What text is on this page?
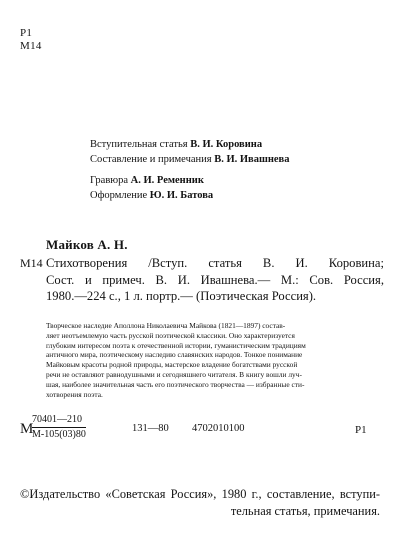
Р1
М14
Вступительная статья В. И. Коровина
Составление и примечания В. И. Ивашнева
Гравюра А. И. Ременник
Оформление Ю. И. Батова
Майков А. Н.
М14 Стихотворения /Вступ. статья В. И. Коровина;
Сост. и примеч. В. И. Ивашнева.— М.: Сов. Россия,
1980.—224 с., 1 л. портр.— (Поэтическая Россия).
Творческое наследие Аполлона Николаевича Майкова (1821—1897) состав-
ляет неотъемлемую часть русской поэтической классики. Оно характеризуется
глубоким интересом поэта к отечественной истории, гуманистическим традициям
античного мира, поэтическому наследию славянских народов. Тонкое понимание
Майковым красоты родной природы, мастерское владение богатствами русской
речи не оставляют равнодушными и сегодняшнего читателя. В книгу вошли луч-
шая, наиболее значительная часть его поэтического творчества — избранные сти-
хотворения поэта.
М
70401—210
М-105(03)80
131—80 4702010100	Р1
©Издательство «Советская Россия», 1980 г., составление, вступи-
тельная статья, примечания.
